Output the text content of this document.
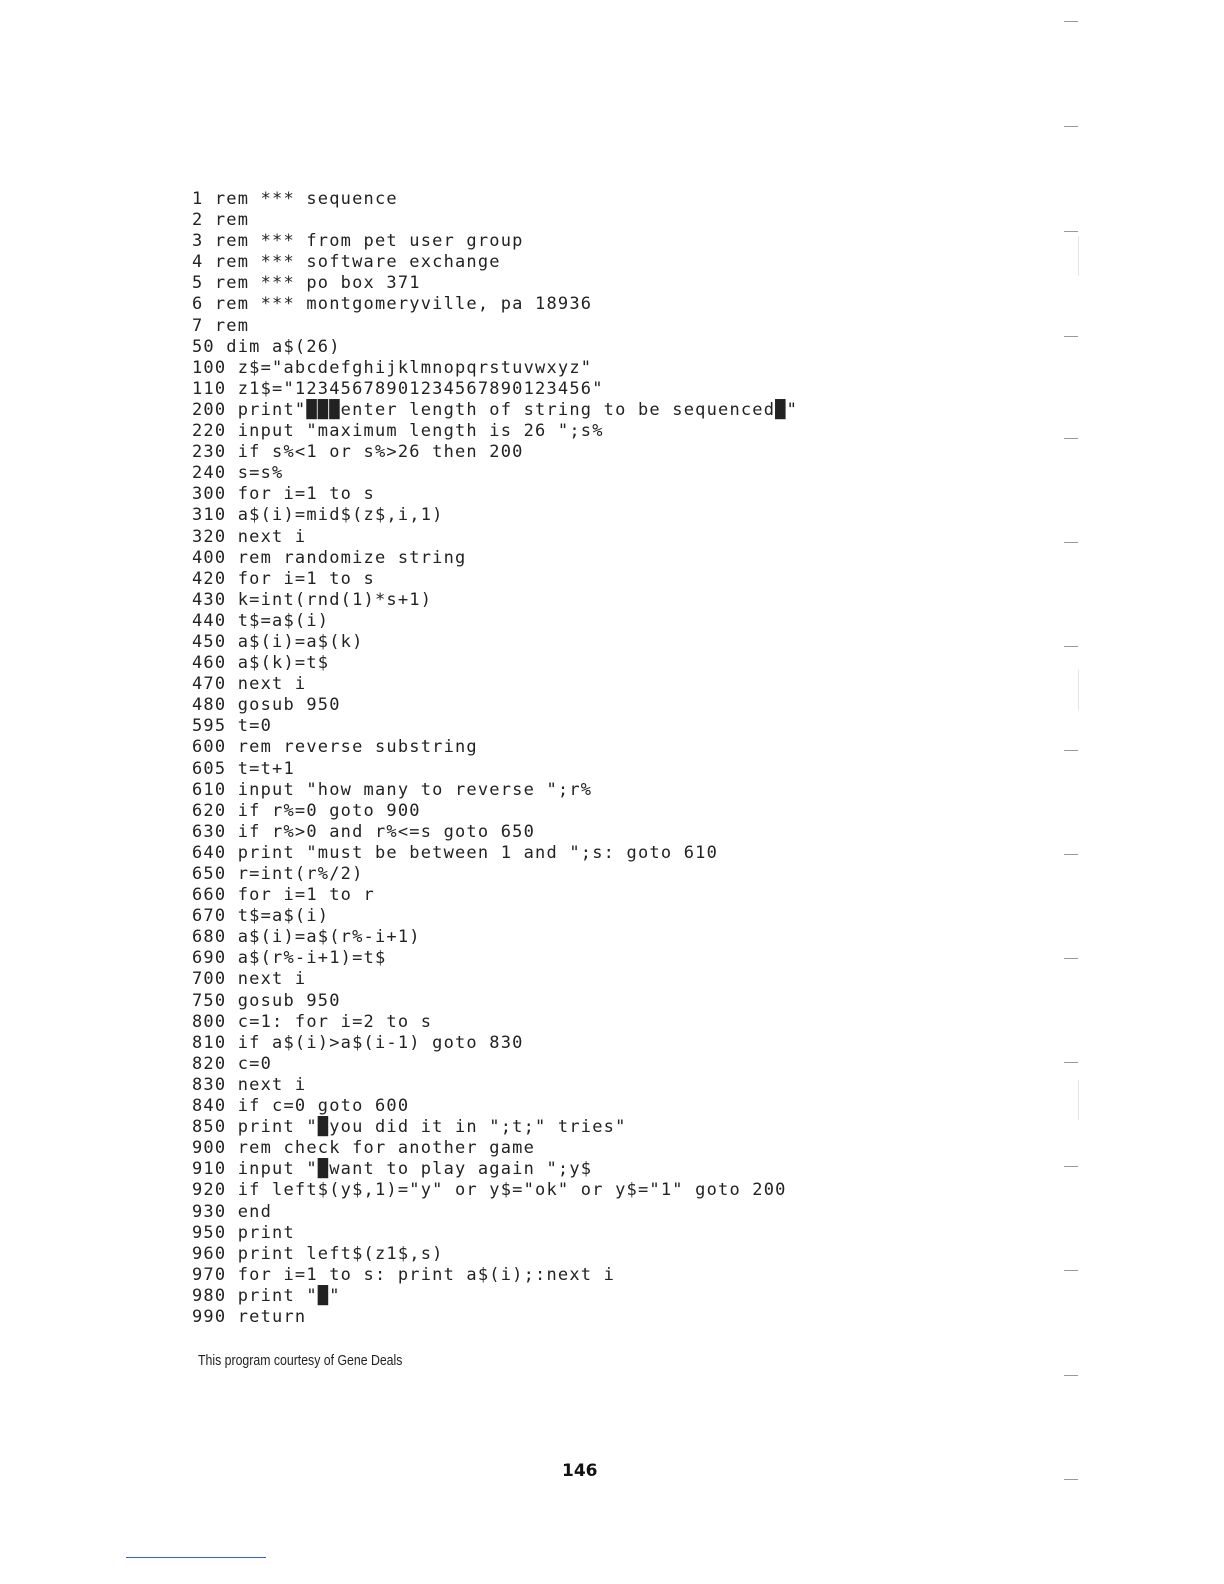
1 rem *** sequence
2 rem
3 rem *** from pet user group
4 rem *** software exchange
5 rem *** po box 371
6 rem *** montgomeryville, pa 18936
7 rem
50 dim a$(26)
100 z$="abcdefghijklmnopqrstuvwxyz"
110 z1$="12345678901234567890123456"
200 print"███enter length of string to be sequenced█"
220 input "maximum length is 26 ";s%
230 if s%<1 or s%>26 then 200
240 s=s%
300 for i=1 to s
310 a$(i)=mid$(z$,i,1)
320 next i
400 rem randomize string
420 for i=1 to s
430 k=int(rnd(1)*s+1)
440 t$=a$(i)
450 a$(i)=a$(k)
460 a$(k)=t$
470 next i
480 gosub 950
595 t=0
600 rem reverse substring
605 t=t+1
610 input "how many to reverse ";r%
620 if r%=0 goto 900
630 if r%>0 and r%<=s goto 650
640 print "must be between 1 and ";s: goto 610
650 r=int(r%/2)
660 for i=1 to r
670 t$=a$(i)
680 a$(i)=a$(r%-i+1)
690 a$(r%-i+1)=t$
700 next i
750 gosub 950
800 c=1: for i=2 to s
810 if a$(i)>a$(i-1) goto 830
820 c=0
830 next i
840 if c=0 goto 600
850 print "█you did it in ";t;" tries"
900 rem check for another game
910 input "█want to play again ";y$
920 if left$(y$,1)="y" or y$="ok" or y$="1" goto 200
930 end
950 print
960 print left$(z1$,s)
970 for i=1 to s: print a$(i);:next i
980 print "█"
990 return
This program courtesy of Gene Deals
146
